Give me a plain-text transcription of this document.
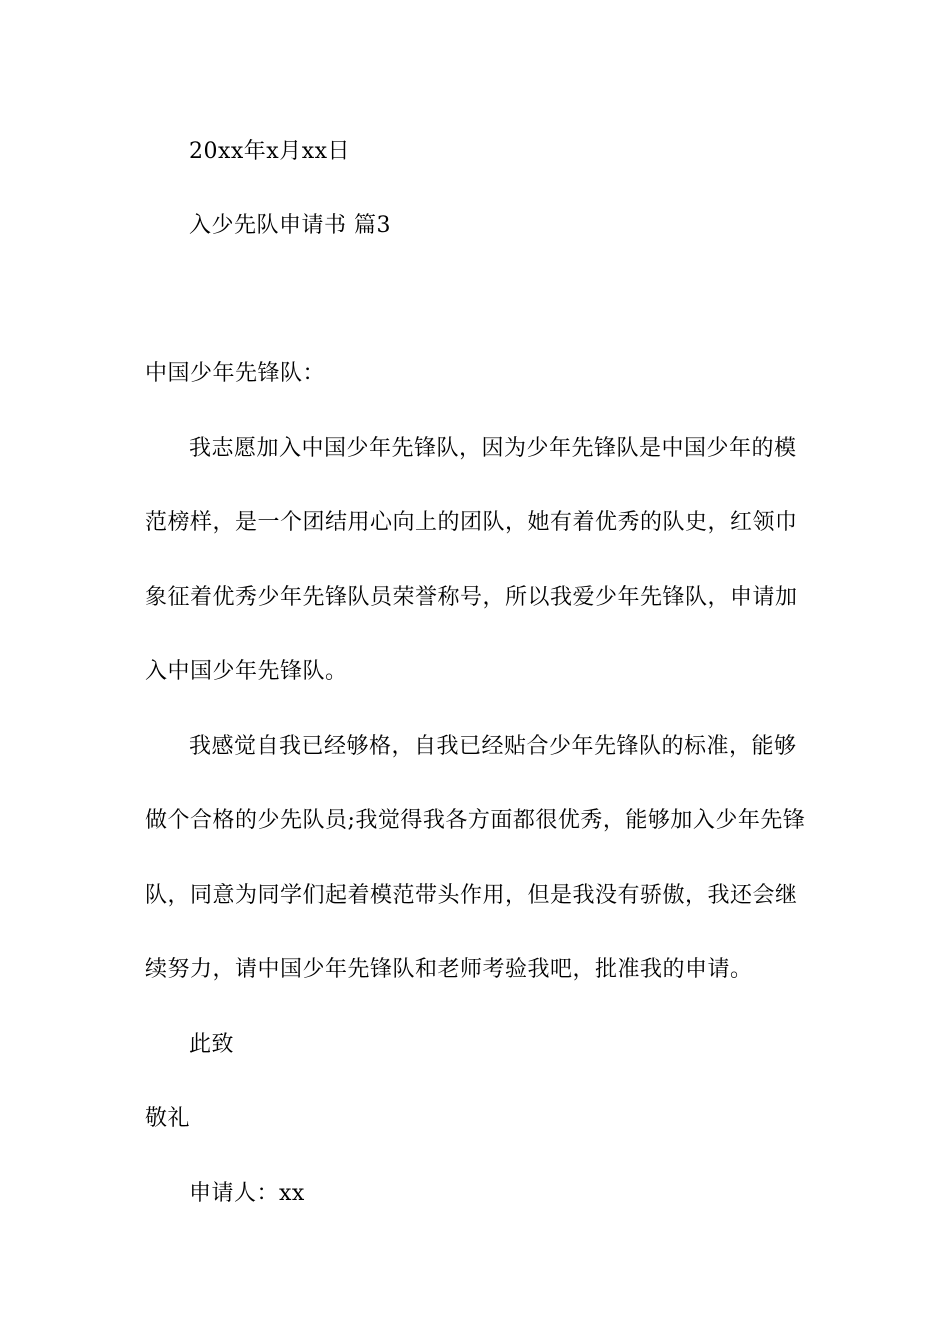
20xx年x月xx日
入少先队申请书 篇3
中国少年先锋队：
我志愿加入中国少年先锋队，因为少年先锋队是中国少年的模
范榜样，是一个团结用心向上的团队，她有着优秀的队史，红领巾
象征着优秀少年先锋队员荣誉称号，所以我爱少年先锋队，申请加
入中国少年先锋队。
我感觉自我已经够格，自我已经贴合少年先锋队的标准，能够
做个合格的少先队员;我觉得我各方面都很优秀，能够加入少年先锋
队，同意为同学们起着模范带头作用，但是我没有骄傲，我还会继
续努力，请中国少年先锋队和老师考验我吧，批准我的申请。
此致
敬礼
申请人：xx
